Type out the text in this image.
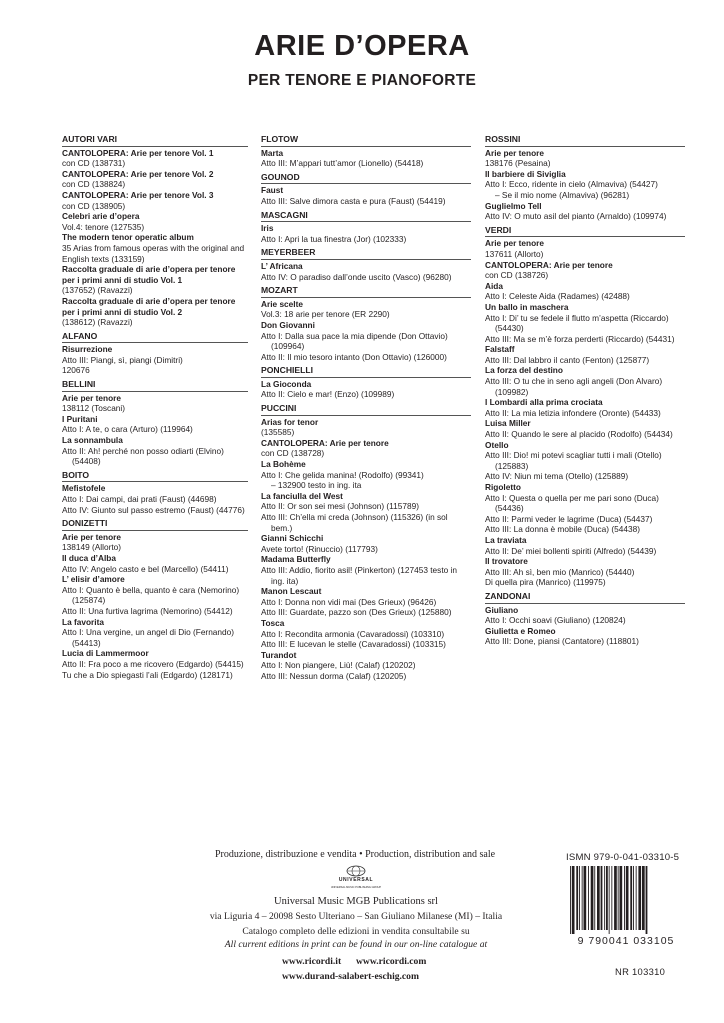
ARIE D’OPERA
PER TENORE E PIANOFORTE
AUTORI VARI
CANTOLOPERA: Arie per tenore Vol. 1
con CD (138731)
CANTOLOPERA: Arie per tenore Vol. 2
con CD (138824)
CANTOLOPERA: Arie per tenore Vol. 3
con CD (138905)
Celebri arie d’opera
Vol.4: tenore (127535)
The modern tenor operatic album
35 Arias from famous operas with the original and English texts (133159)
Raccolta graduale di arie d’opera per tenore per i primi anni di studio Vol. 1
(137652) (Ravazzi)
Raccolta graduale di arie d’opera per tenore per i primi anni di studio Vol. 2
(138612) (Ravazzi)
ALFANO
Risurrezione
Atto III: Piangi, sì, piangi (Dimitri)
120676
BELLINI
Arie per tenore
138112 (Toscani)
I Puritani
Atto I: A te, o cara (Arturo) (119964)
La sonnambula
Atto II: Ah! perché non posso odiarti (Elvino) (54408)
BOITO
Mefistofele
Atto I: Dai campi, dai prati (Faust) (44698)
Atto IV: Giunto sul passo estremo (Faust) (44776)
DONIZETTI
Arie per tenore
138149 (Allorto)
Il duca d’Alba
Atto IV: Angelo casto e bel (Marcello) (54411)
L’ elisir d’amore
Atto I: Quanto è bella, quanto è cara (Nemorino) (125874)
Atto II: Una furtiva lagrima (Nemorino) (54412)
La favorita
Atto I: Una vergine, un angel di Dio (Fernando) (54413)
Lucia di Lammermoor
Atto II: Fra poco a me ricovero (Edgardo) (54415)
Tu che a Dio spiegasti l’ali (Edgardo) (128171)
FLOTOW
Marta
Atto III: M’appari tutt’amor (Lionello) (54418)
GOUNOD
Faust
Atto III: Salve dimora casta e pura (Faust) (54419)
MASCAGNI
Iris
Atto I: Apri la tua finestra (Jor) (102333)
MEYERBEER
L’ Africana
Atto IV: O paradiso dall’onde uscito (Vasco) (96280)
MOZART
Arie scelte
Vol.3: 18 arie per tenore (ER 2290)
Don Giovanni
Atto I: Dalla sua pace la mia dipende (Don Ottavio) (109964)
Atto II: Il mio tesoro intanto (Don Ottavio) (126000)
PONCHIELLI
La Gioconda
Atto II: Cielo e mar! (Enzo) (109989)
PUCCINI
Arias for tenor
(135585)
CANTOLOPERA: Arie per tenore
con CD (138728)
La Bohème
Atto I: Che gelida manina! (Rodolfo) (99341)
– 132900 testo in ing. ita
La fanciulla del West
Atto II: Or son sei mesi (Johnson) (115789)
Atto III: Ch’ella mi creda (Johnson) (115326) (in sol bem.)
Gianni Schicchi
Avete torto! (Rinuccio) (117793)
Madama Butterfly
Atto III: Addio, fiorito asil! (Pinkerton) (127453 testo in ing. ita)
Manon Lescaut
Atto I: Donna non vidi mai (Des Grieux) (96426)
Atto III: Guardate, pazzo son (Des Grieux) (125880)
Tosca
Atto I: Recondita armonia (Cavaradossi) (103310)
Atto III: E lucevan le stelle (Cavaradossi) (103315)
Turandot
Atto I: Non piangere, Liù! (Calaf) (120202)
Atto III: Nessun dorma (Calaf) (120205)
ROSSINI
Arie per tenore
138176 (Pesaina)
Il barbiere di Siviglia
Atto I: Ecco, ridente in cielo (Almaviva) (54427)
– Se il mio nome (Almaviva) (96281)
Guglielmo Tell
Atto IV: O muto asil del pianto (Arnaldo) (109974)
VERDI
Arie per tenore
137611 (Allorto)
CANTOLOPERA: Arie per tenore
con CD (138726)
Aida
Atto I: Celeste Aida (Radames) (42488)
Un ballo in maschera
Atto I: Di’ tu se fedele il flutto m’aspetta (Riccardo) (54430)
Atto III: Ma se m’è forza perderti (Riccardo) (54431)
Falstaff
Atto III: Dal labbro il canto (Fenton) (125877)
La forza del destino
Atto III: O tu che in seno agli angeli (Don Alvaro) (109982)
I Lombardi alla prima crociata
Atto II: La mia letizia infondere (Oronte) (54433)
Luisa Miller
Atto II: Quando le sere al placido (Rodolfo) (54434)
Otello
Atto III: Dio! mi potevi scagliar tutti i mali (Otello) (125883)
Atto IV: Niun mi tema (Otello) (125889)
Rigoletto
Atto I: Questa o quella per me pari sono (Duca) (54436)
Atto II: Parmi veder le lagrime (Duca) (54437)
Atto III: La donna è mobile (Duca) (54438)
La traviata
Atto II: De’ miei bollenti spiriti (Alfredo) (54439)
Il trovatore
Atto III: Ah sì, ben mio (Manrico) (54440)
Di quella pira (Manrico) (119975)
ZANDONAI
Giuliano
Atto I: Occhi soavi (Giuliano) (120824)
Giulietta e Romeo
Atto III: Done, piansi (Cantatore) (118801)
Produzione, distribuzione e vendita • Production, distribution and sale
UNIVERSAL
UNIVERSAL MUSIC PUBLISHING GROUP
Universal Music MGB Publications srl
via Liguria 4 – 20098 Sesto Ulteriano – San Giuliano Milanese (MI) – Italia
Catalogo completo delle edizioni in vendita consultabile su
All current editions in print can be found in our on-line catalogue at
www.ricordi.it www.ricordi.com
www.durand-salabert-eschig.com
ISMN 979-0-041-03310-5
9 790041 033105
NR 103310
